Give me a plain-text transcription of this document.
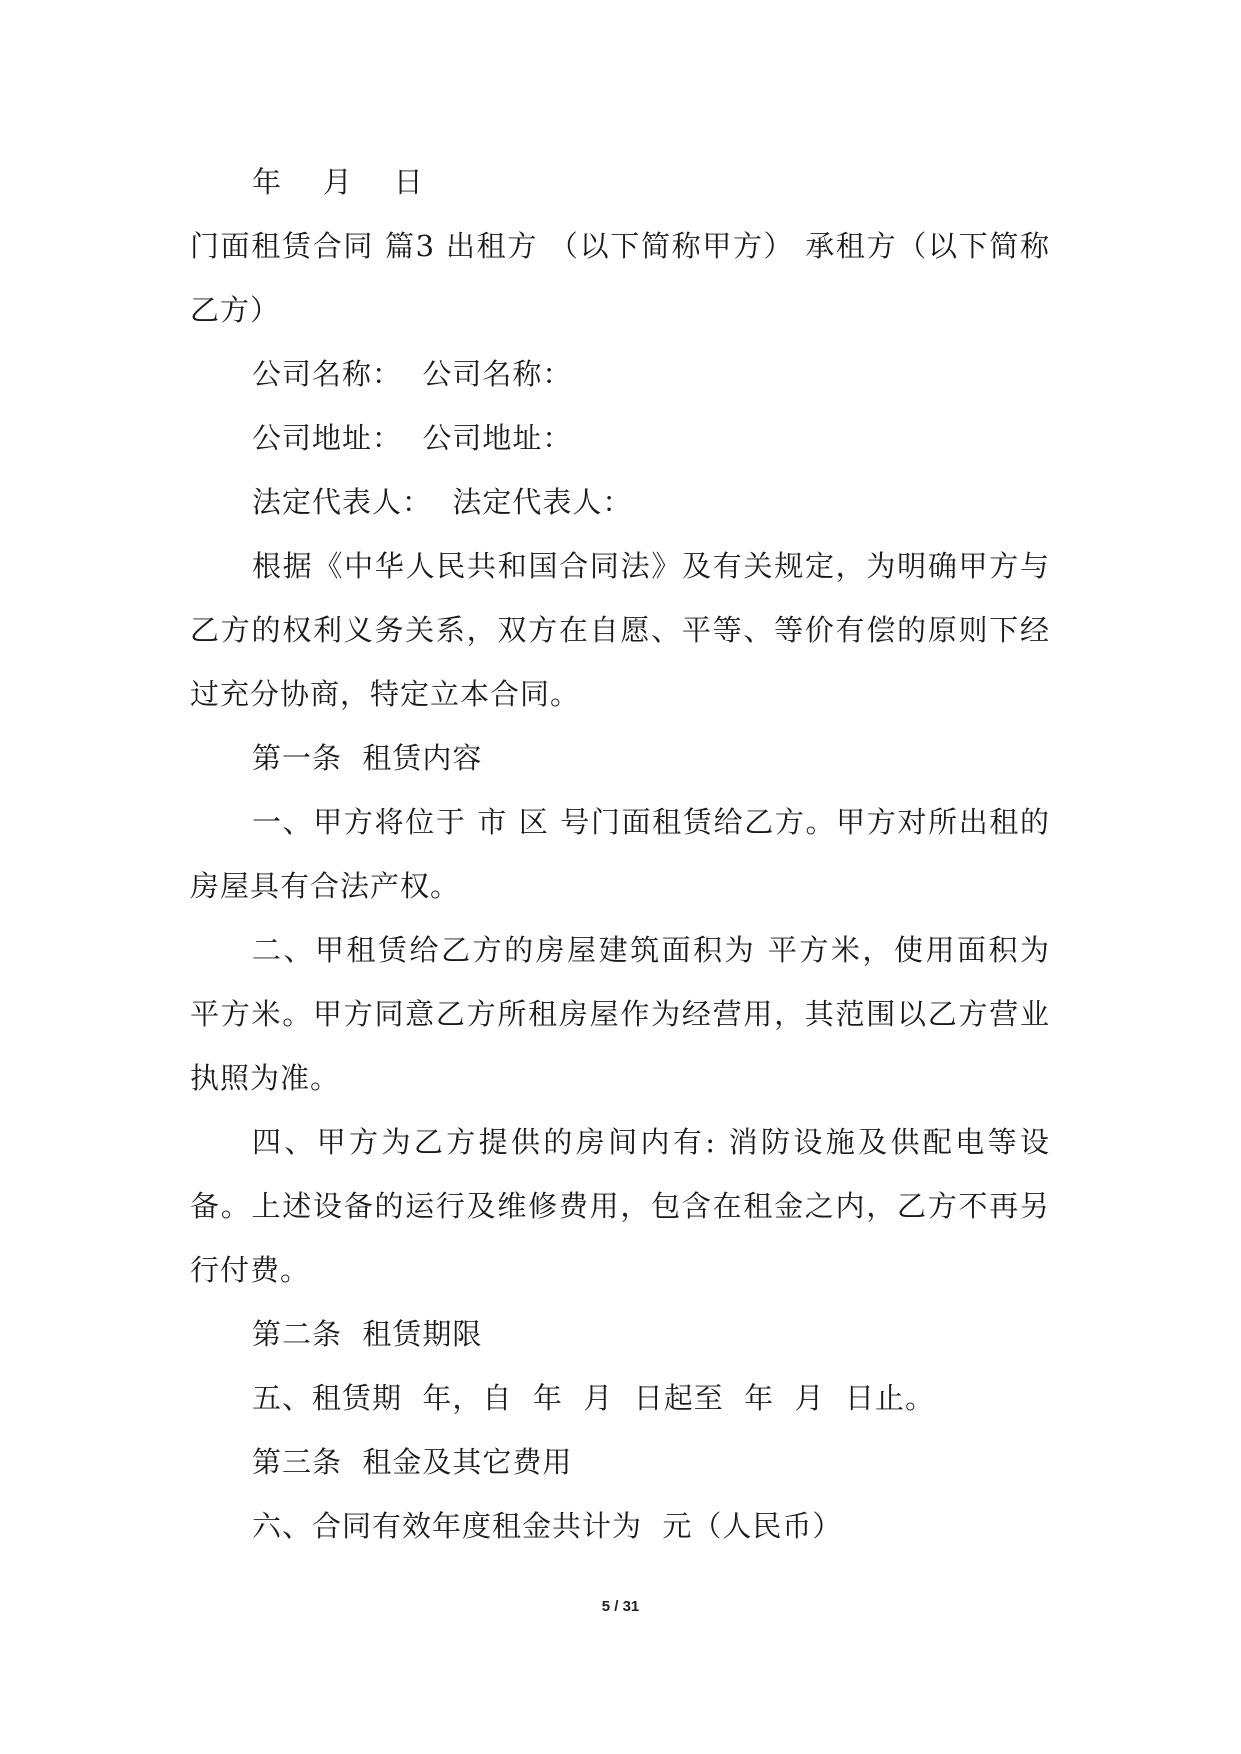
年    月    日

门面租赁合同 篇3 出租方 （以下简称甲方） 承租方（以下简称乙方）

公司名称：  公司名称：

公司地址：  公司地址：

法定代表人：  法定代表人：

根据《中华人民共和国合同法》及有关规定，为明确甲方与乙方的权利义务关系，双方在自愿、平等、等价有偿的原则下经过充分协商，特定立本合同。

第一条  租赁内容

一、甲方将位于 市 区 号门面租赁给乙方。甲方对所出租的房屋具有合法产权。

二、甲租赁给乙方的房屋建筑面积为 平方米，使用面积为 平方米。甲方同意乙方所租房屋作为经营用，其范围以乙方营业执照为准。

四、甲方为乙方提供的房间内有: 消防设施及供配电等设备。上述设备的运行及维修费用，包含在租金之内，乙方不再另行付费。

第二条  租赁期限

五、租赁期  年，自  年  月  日起至  年  月  日止。

第三条  租金及其它费用

六、合同有效年度租金共计为  元（人民币）

5 / 31
